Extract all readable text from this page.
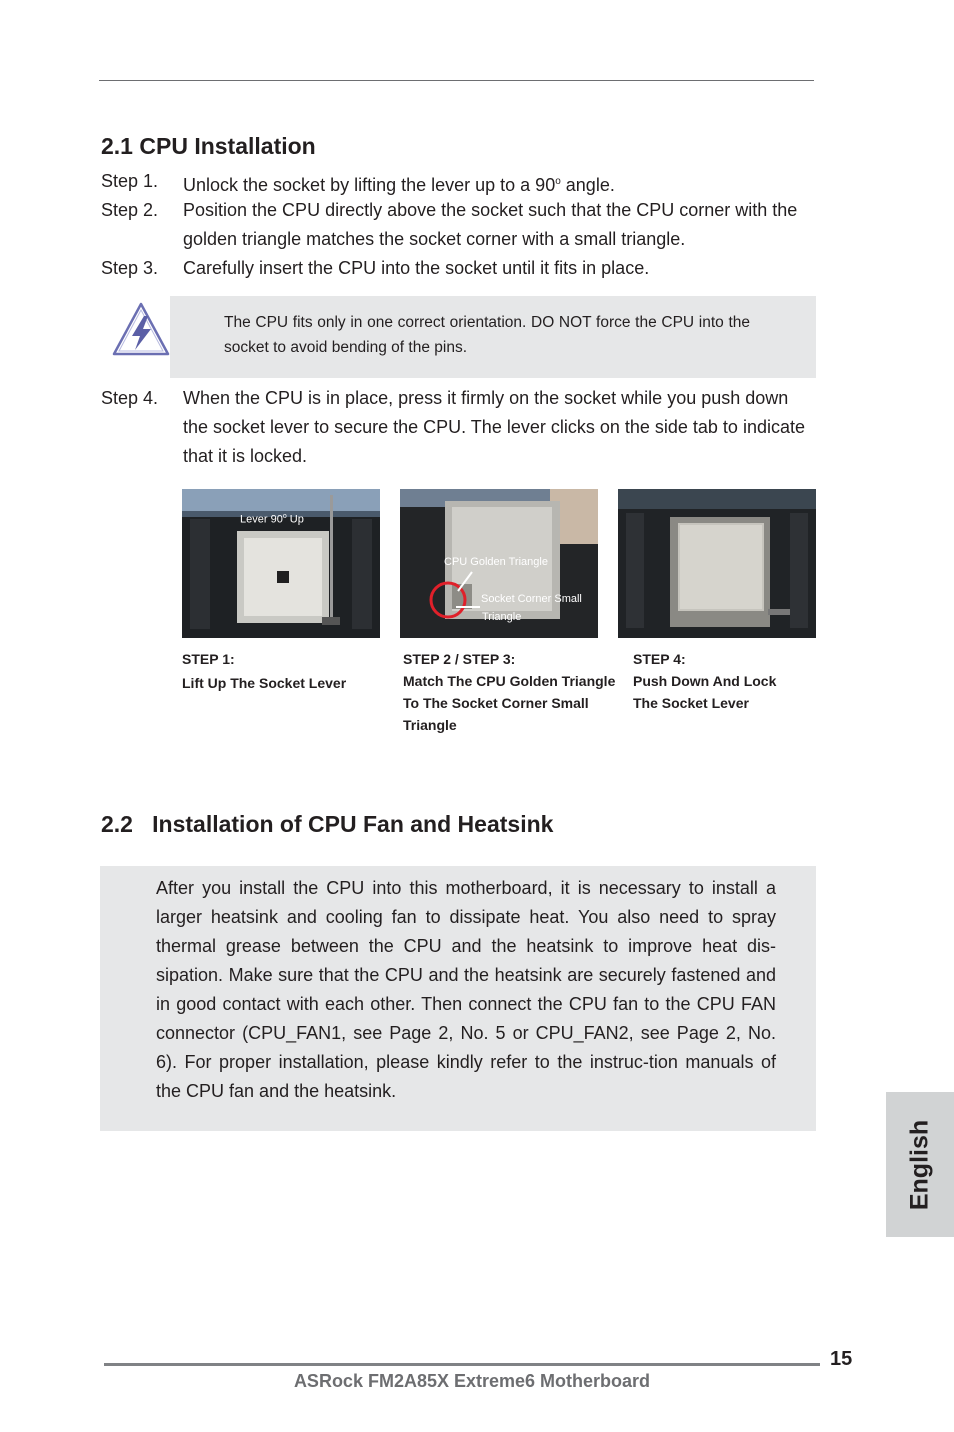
2.1 CPU Installation
Step 1.	Unlock the socket by lifting the lever up to a 90$^o$ angle.
Step 2.	Position the CPU directly above the socket such that the CPU corner with the golden triangle matches the socket corner with a small triangle.
Step 3.	Carefully insert the CPU into the socket until it fits in place.
The CPU fits only in one correct orientation. DO NOT force the CPU into the socket to avoid bending of the pins.
Step 4.	When the CPU is in place, press it firmly on the socket while you push down the socket lever to secure the CPU. The lever clicks on the side tab to indicate that it is locked.
Lever 90$^o$ Up
CPU Golden Triangle
Socket Corner Small
Triangle
STEP 1:
Lift Up The Socket Lever
STEP 2 / STEP 3:
Match The CPU Golden Triangle
To The Socket Corner Small
Triangle
STEP 4:
Push Down And Lock
The Socket Lever
2.2   Installation of CPU Fan and Heatsink
After you install the CPU into this motherboard, it is necessary to install a larger heatsink and cooling fan to dissipate heat. You also need to spray thermal grease between the CPU and the heatsink to improve heat dis-sipation. Make sure that the CPU and the heatsink are securely fastened and in good contact with each other. Then connect the CPU fan to the CPU FAN connector (CPU_FAN1, see Page 2, No. 5 or CPU_FAN2, see Page 2, No. 6). For proper installation, please kindly refer to the instruc-tion manuals of the CPU fan and the heatsink.
English
15
ASRock FM2A85X Extreme6 Motherboard
